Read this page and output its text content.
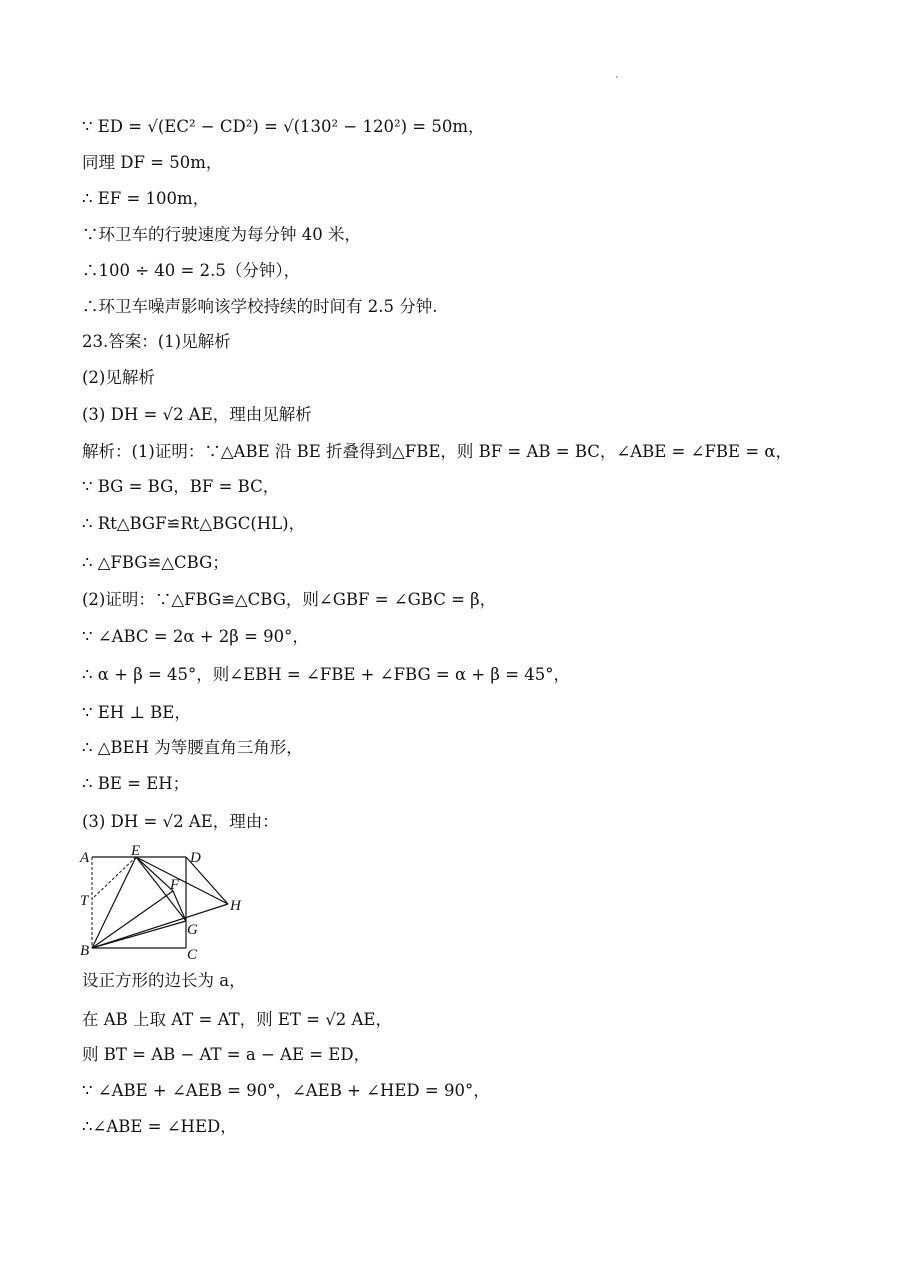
∵ ED = √(EC² − CD²) = √(130² − 120²) = 50m，
同理 DF = 50m，
∴ EF = 100m，
∵环卫车的行驶速度为每分钟 40 米，
∴100 ÷ 40 = 2.5（分钟），
∴环卫车噪声影响该学校持续的时间有 2.5 分钟.
23.答案：(1)见解析
(2)见解析
(3) DH = √2 AE，理由见解析
解析：(1)证明：∵△ABE 沿 BE 折叠得到△FBE，则 BF = AB = BC，∠ABE = ∠FBE = α，
∵ BG = BG，BF = BC，
∴ Rt△BGF≌Rt△BGC(HL)，
∴ △FBG≌△CBG；
(2)证明：∵△FBG≌△CBG，则∠GBF = ∠GBC = β，
∵ ∠ABC = 2α + 2β = 90°，
∴ α + β = 45°，则∠EBH = ∠FBE + ∠FBG = α + β = 45°，
∵ EH ⊥ BE，
∴ △BEH 为等腰直角三角形，
∴ BE = EH；
(3) DH = √2 AE，理由：
设正方形的边长为 a，
在 AB 上取 AT = AT，则 ET = √2 AE，
则 BT = AB − AT = a − AE = ED，
∵ ∠ABE + ∠AEB = 90°，∠AEB + ∠HED = 90°，
∴∠ABE = ∠HED，
A	E	D
T
F
H
G
B	C
